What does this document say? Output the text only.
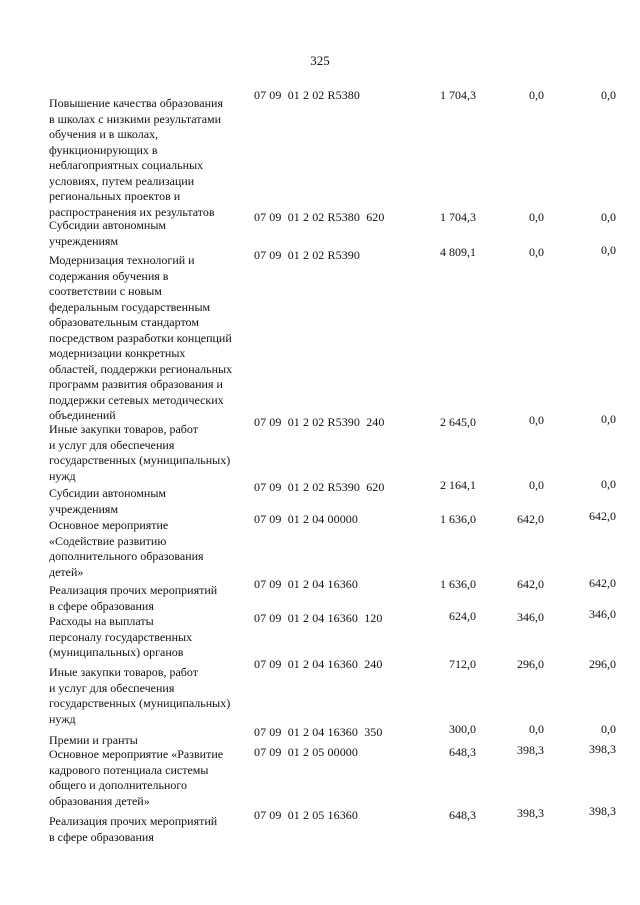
325
Повышение качества образования
в школах с низкими результатами
обучения и в школах,
функционирующих в
неблагоприятных социальных
условиях, путем реализации
региональных проектов и
распространения их результатов
07 09  01 2 02 R5380	1 704,3	0,0	0,0
Субсидии автономным
учреждениям
07 09  01 2 02 R5380  620	1 704,3	0,0	0,0
Модернизация технологий и
содержания обучения в
соответствии с новым
федеральным государственным
образовательным стандартом
посредством разработки концепций
модернизации конкретных
областей, поддержки региональных
программ развития образования и
поддержки сетевых методических
объединений
07 09  01 2 02 R5390	4 809,1	0,0	0,0
Иные закупки товаров, работ
и услуг для обеспечения
государственных (муниципальных)
нужд
07 09  01 2 02 R5390  240	2 645,0	0,0	0,0
Субсидии автономным
учреждениям
07 09  01 2 02 R5390  620	2 164,1	0,0	0,0
Основное мероприятие
«Содействие развитию
дополнительного образования
детей»
07 09  01 2 04 00000	1 636,0	642,0	642,0
Реализация прочих мероприятий
в сфере образования
07 09  01 2 04 16360	1 636,0	642,0	642,0
Расходы на выплаты
персоналу государственных
(муниципальных) органов
07 09  01 2 04 16360  120	624,0	346,0	346,0
Иные закупки товаров, работ
и услуг для обеспечения
государственных (муниципальных)
нужд
07 09  01 2 04 16360  240	712,0	296,0	296,0
Премии и гранты
07 09  01 2 04 16360  350	300,0	0,0	0,0
Основное мероприятие «Развитие
кадрового потенциала системы
общего и дополнительного
образования детей»
07 09  01 2 05 00000	648,3	398,3	398,3
Реализация прочих мероприятий
в сфере образования
07 09  01 2 05 16360	648,3	398,3	398,3
